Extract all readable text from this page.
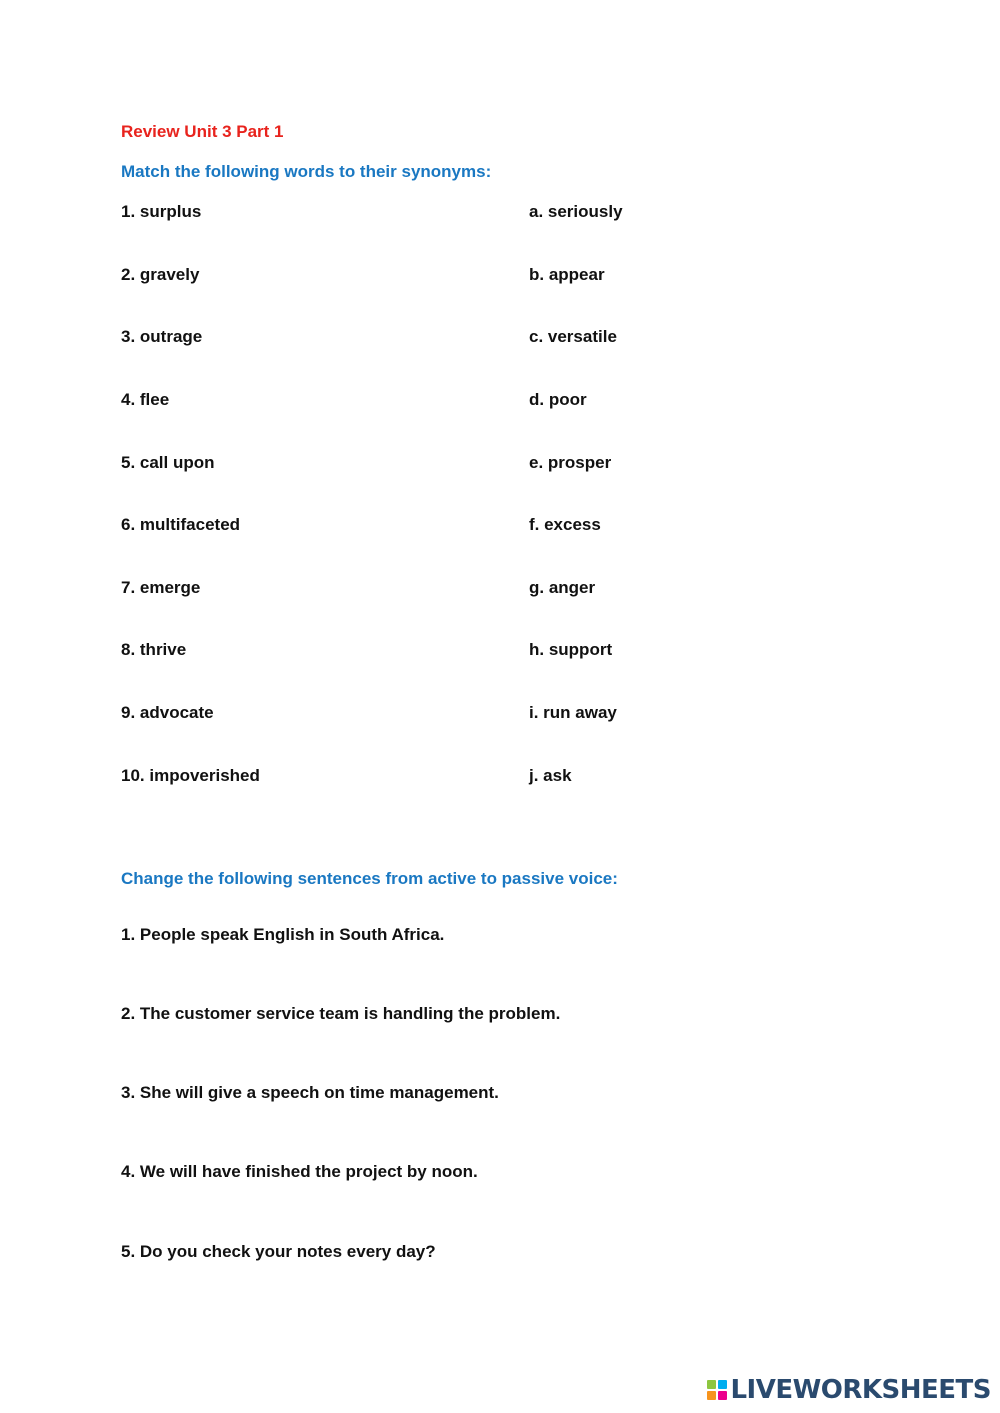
Review Unit 3 Part 1
Match the following words to their synonyms:
1. surplus
2. gravely
3. outrage
4. flee
5. call upon
6. multifaceted
7. emerge
8. thrive
9. advocate
10. impoverished
a. seriously
b. appear
c. versatile
d. poor
e. prosper
f. excess
g. anger
h. support
i. run away
j. ask
Change the following sentences from active to passive voice:
1. People speak English in South Africa.
2. The customer service team is handling the problem.
3. She will give a speech on time management.
4. We will have finished the project by noon.
5. Do you check your notes every day?
LIVEWORKSHEETS
